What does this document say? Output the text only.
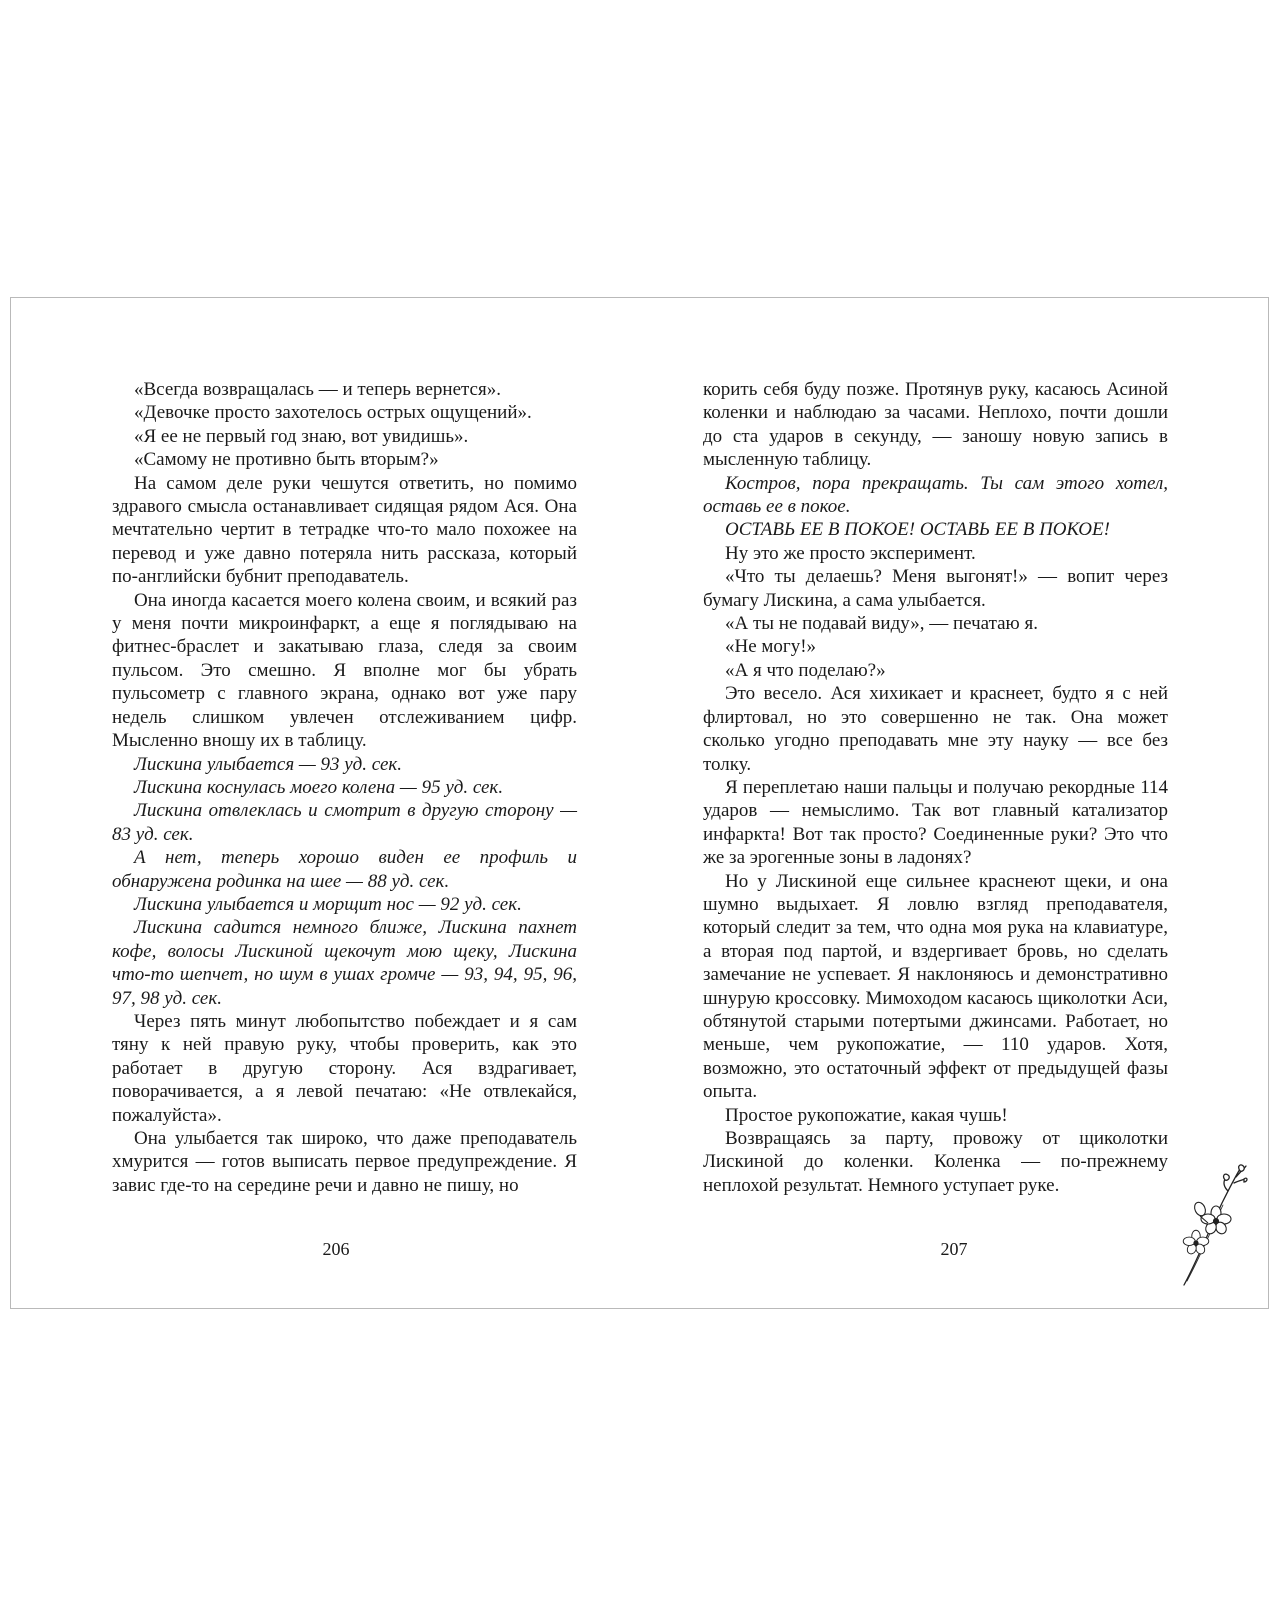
«Всегда возвращалась — и теперь вернется».

«Девочке просто захотелось острых ощущений».

«Я ее не первый год знаю, вот увидишь».

«Самому не противно быть вторым?»

На самом деле руки чешутся ответить, но помимо здравого смысла останавливает сидящая рядом Ася. Она мечтательно чертит в тетрадке что-то мало похожее на перевод и уже давно потеряла нить рассказа, который по-английски бубнит преподаватель.

Она иногда касается моего колена своим, и всякий раз у меня почти микроинфаркт, а еще я поглядываю на фитнес-браслет и закатываю глаза, следя за своим пульсом. Это смешно. Я вполне мог бы убрать пульсометр с главного экрана, однако вот уже пару недель слишком увлечен отслеживанием цифр. Мысленно вношу их в таблицу.

Лискина улыбается — 93 уд. сек.

Лискина коснулась моего колена — 95 уд. сек.

Лискина отвлеклась и смотрит в другую сторону — 83 уд. сек.

А нет, теперь хорошо виден ее профиль и обнаружена родинка на шее — 88 уд. сек.

Лискина улыбается и морщит нос — 92 уд. сек.

Лискина садится немного ближе, Лискина пахнет кофе, волосы Лискиной щекочут мою щеку, Лискина что-то шепчет, но шум в ушах громче — 93, 94, 95, 96, 97, 98 уд. сек.

Через пять минут любопытство побеждает и я сам тяну к ней правую руку, чтобы проверить, как это работает в другую сторону. Ася вздрагивает, поворачивается, а я левой печатаю: «Не отвлекайся, пожалуйста».

Она улыбается так широко, что даже преподаватель хмурится — готов выписать первое предупреждение. Я завис где-то на середине речи и давно не пишу, но

206

корить себя буду позже. Протянув руку, касаюсь Асиной коленки и наблюдаю за часами. Неплохо, почти дошли до ста ударов в секунду, — заношу новую запись в мысленную таблицу.

Костров, пора прекращать. Ты сам этого хотел, оставь ее в покое.

ОСТАВЬ ЕЕ В ПОКОЕ! ОСТАВЬ ЕЕ В ПОКОЕ!

Ну это же просто эксперимент.

«Что ты делаешь? Меня выгонят!» — вопит через бумагу Лискина, а сама улыбается.

«А ты не подавай виду», — печатаю я.

«Не могу!»

«А я что поделаю?»

Это весело. Ася хихикает и краснеет, будто я с ней флиртовал, но это совершенно не так. Она может сколько угодно преподавать мне эту науку — все без толку.

Я переплетаю наши пальцы и получаю рекордные 114 ударов — немыслимо. Так вот главный катализатор инфаркта! Вот так просто? Соединенные руки? Это что же за эрогенные зоны в ладонях?

Но у Лискиной еще сильнее краснеют щеки, и она шумно выдыхает. Я ловлю взгляд преподавателя, который следит за тем, что одна моя рука на клавиатуре, а вторая под партой, и вздергивает бровь, но сделать замечание не успевает. Я наклоняюсь и демонстративно шнурую кроссовку. Мимоходом касаюсь щиколотки Аси, обтянутой старыми потертыми джинсами. Работает, но меньше, чем рукопожатие, — 110 ударов. Хотя, возможно, это остаточный эффект от предыдущей фазы опыта.

Простое рукопожатие, какая чушь!

Возвращаясь за парту, провожу от щиколотки Лискиной до коленки. Коленка — по-прежнему неплохой результат. Немного уступает руке.

207
